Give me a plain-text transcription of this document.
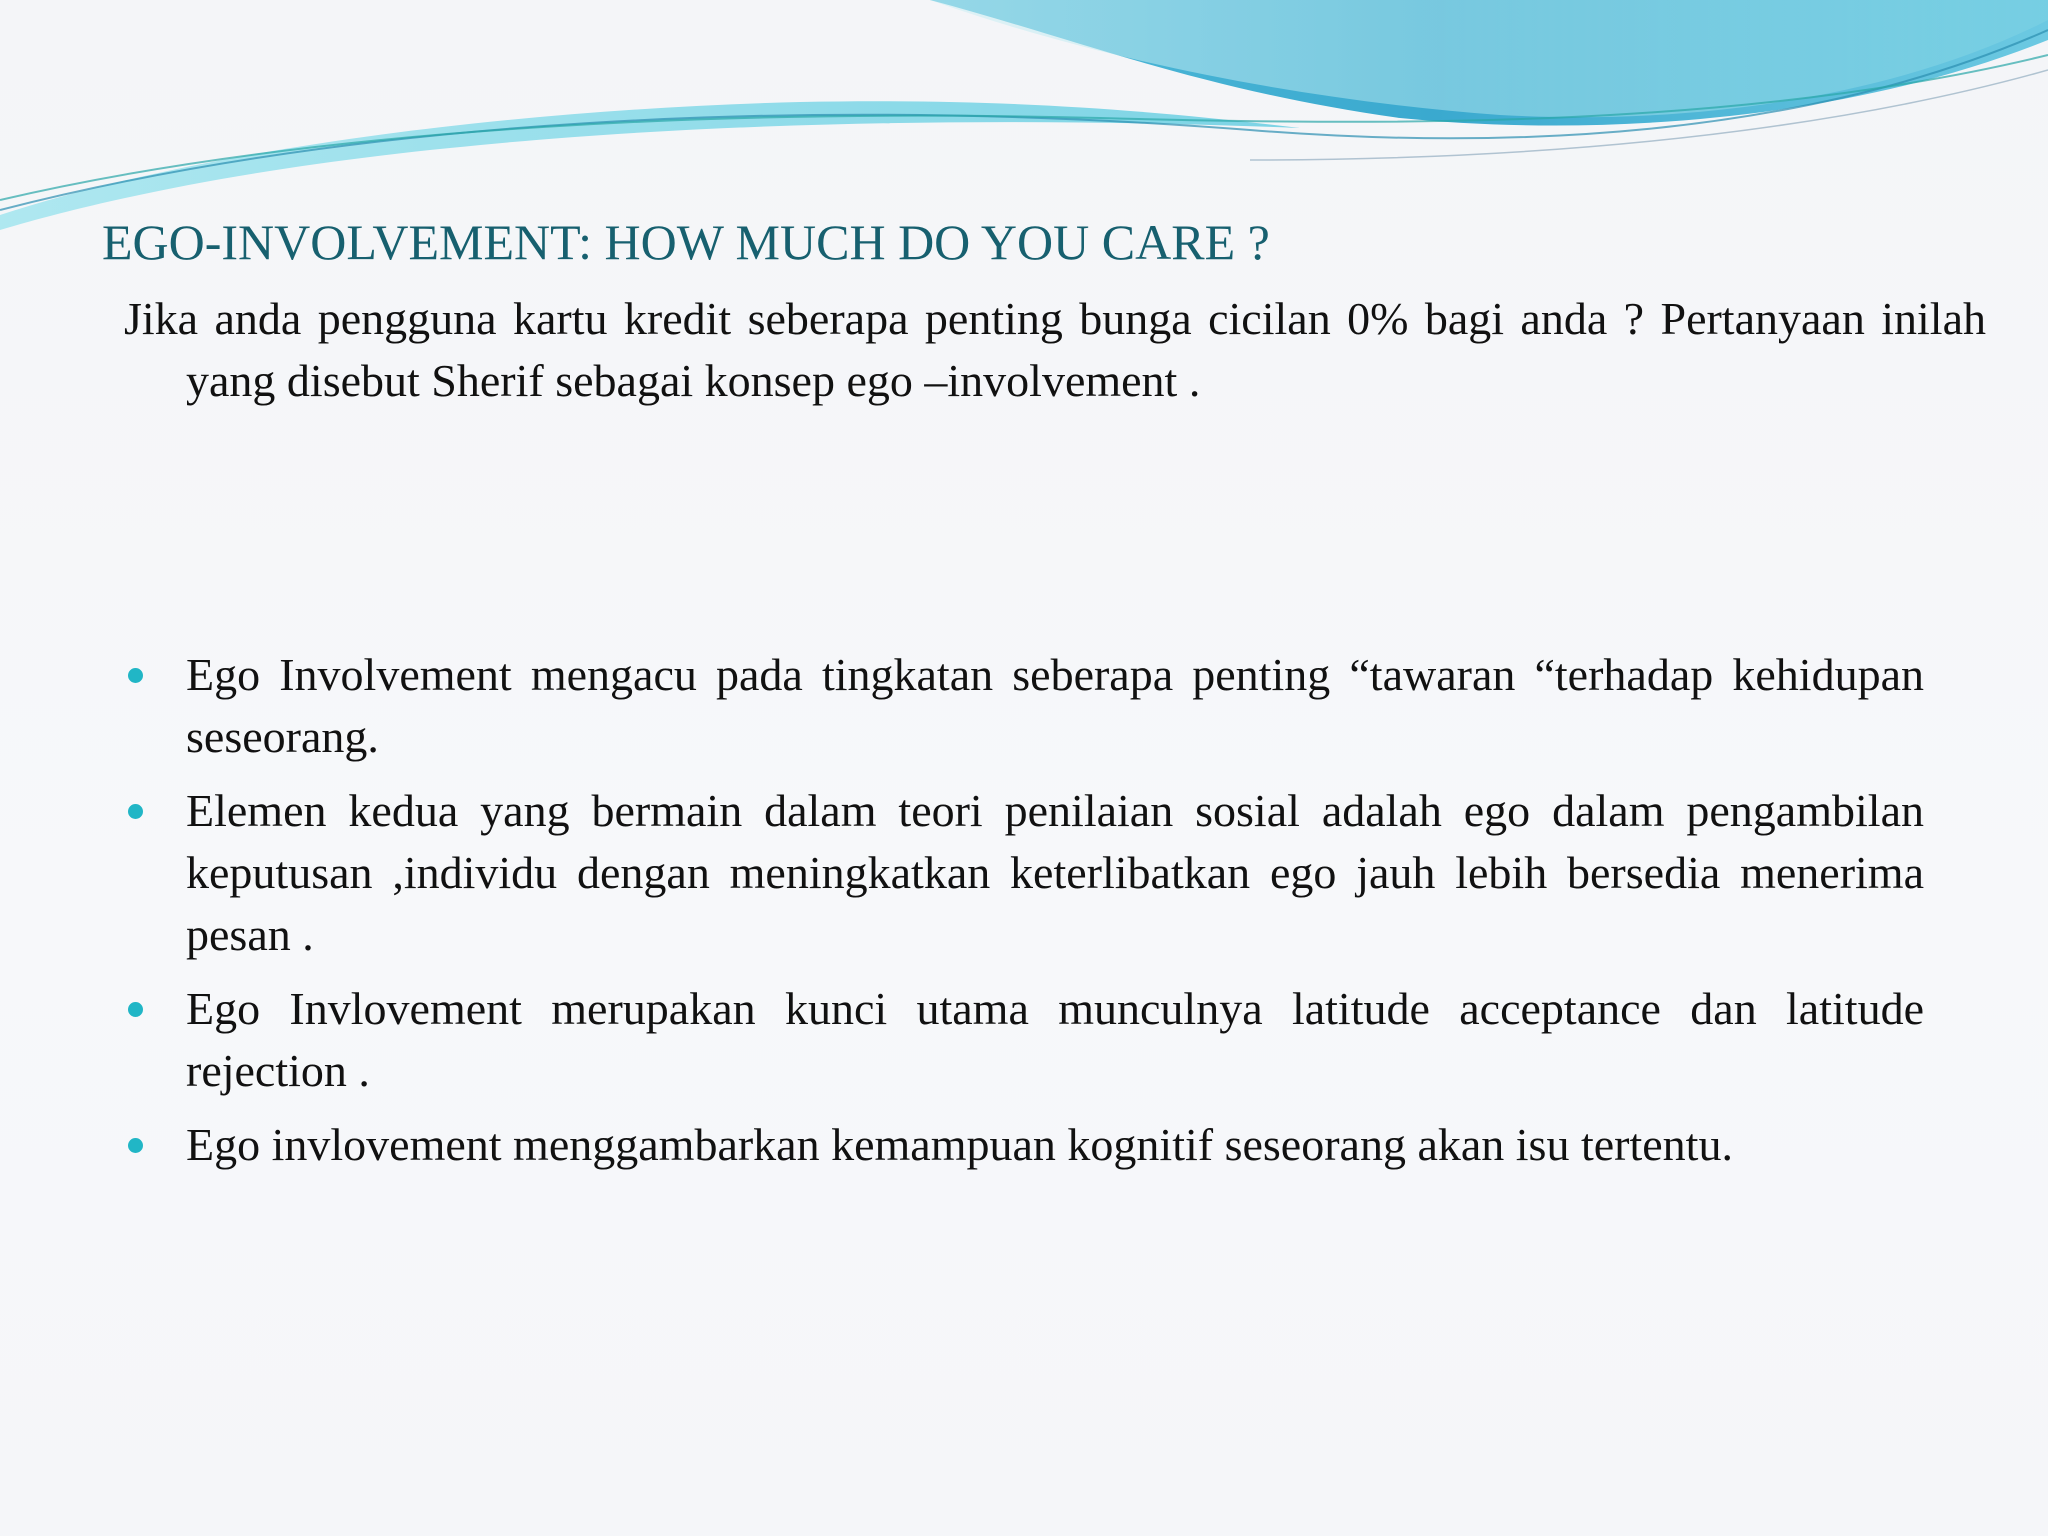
EGO-INVOLVEMENT: HOW MUCH DO YOU CARE ?

Jika anda pengguna kartu kredit seberapa penting bunga cicilan 0% bagi anda ? Pertanyaan inilah yang disebut Sherif sebagai konsep ego –involvement .

Ego Involvement mengacu pada tingkatan seberapa penting “tawaran “terhadap kehidupan seseorang.
Elemen kedua yang bermain dalam teori penilaian sosial adalah ego dalam pengambilan keputusan ,individu dengan meningkatkan keterlibatkan ego jauh lebih bersedia menerima pesan .
Ego Invlovement merupakan kunci utama munculnya latitude acceptance dan latitude rejection .
Ego invlovement menggambarkan kemampuan kognitif seseorang akan isu tertentu.
